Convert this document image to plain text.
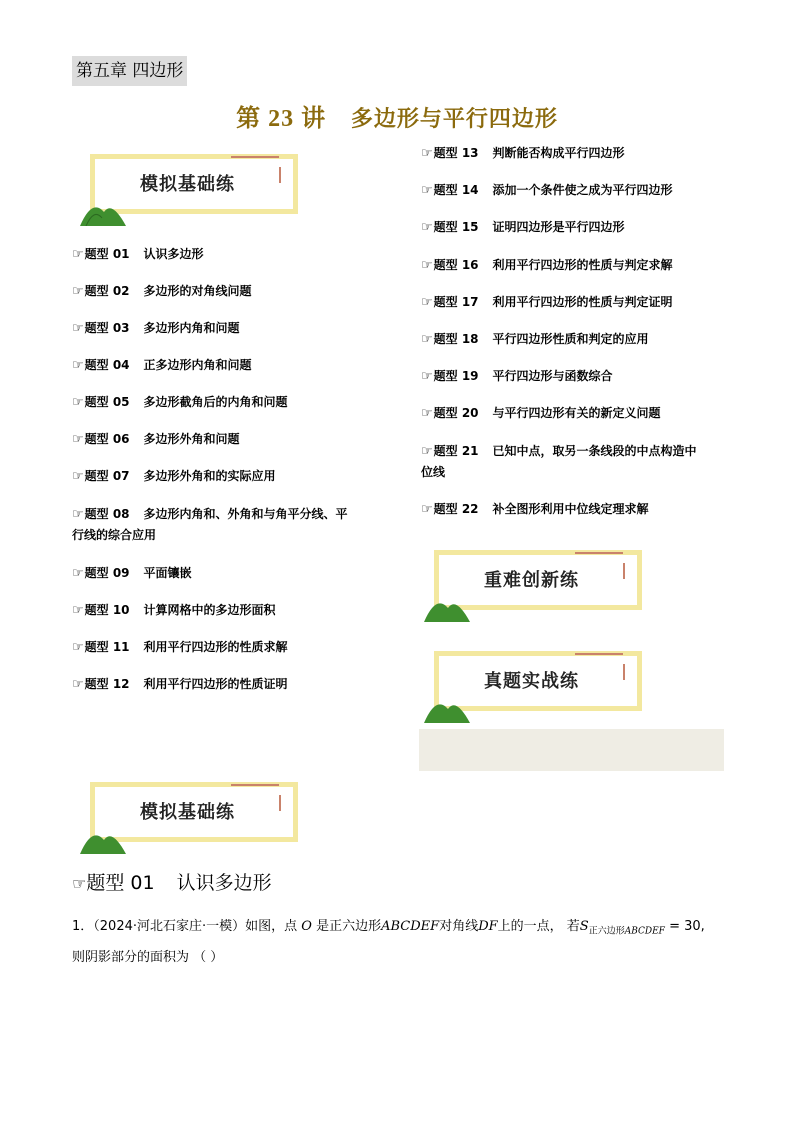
第五章 四边形
第 23 讲 多边形与平行四边形
模拟基础练
☞题型 01 认识多边形
☞题型 02 多边形的对角线问题
☞题型 03 多边形内角和问题
☞题型 04 正多边形内角和问题
☞题型 05 多边形截角后的内角和问题
☞题型 06 多边形外角和问题
☞题型 07 多边形外角和的实际应用
☞题型 08 多边形内角和、外角和与角平分线、平
行线的综合应用
☞题型 09 平面镶嵌
☞题型 10 计算网格中的多边形面积
☞题型 11 利用平行四边形的性质求解
☞题型 12 利用平行四边形的性质证明
☞题型 13 判断能否构成平行四边形
☞题型 14 添加一个条件使之成为平行四边形
☞题型 15 证明四边形是平行四边形
☞题型 16 利用平行四边形的性质与判定求解
☞题型 17 利用平行四边形的性质与判定证明
☞题型 18 平行四边形性质和判定的应用
☞题型 19 平行四边形与函数综合
☞题型 20 与平行四边形有关的新定义问题
☞题型 21 已知中点，取另一条线段的中点构造中
位线
☞题型 22 补全图形利用中位线定理求解
重难创新练
真题实战练
模拟基础练
☞题型 01 认识多边形
1．（2024·河北石家庄·一模）如图，点 O 是正六边形ABCDEF对角线DF上的一点， 若$S_{正六边形ABCDEF} = 30$,
则阴影部分的面积为 （ ）
